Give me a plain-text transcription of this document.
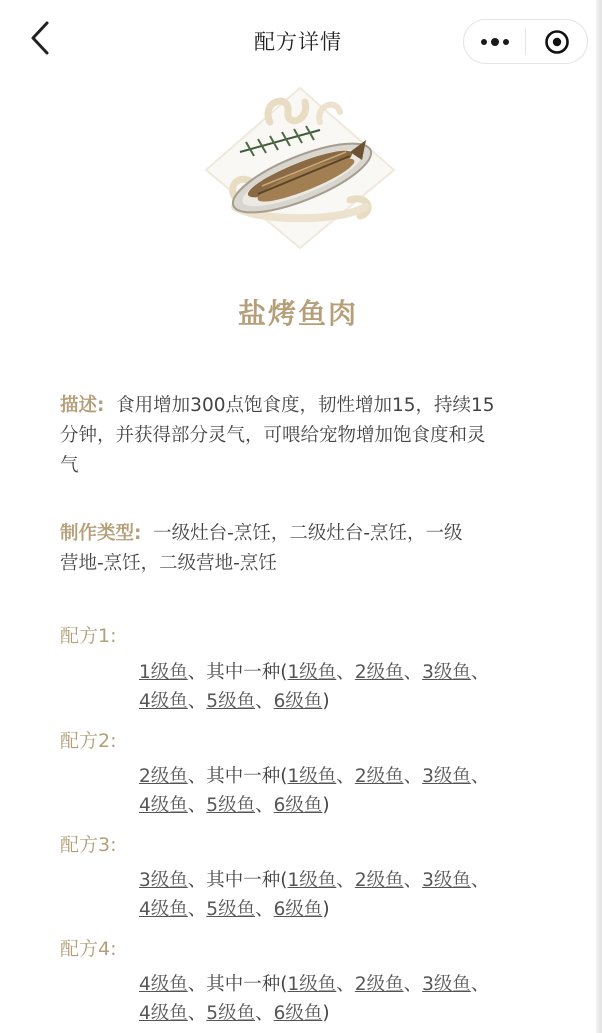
配方详情
盐烤鱼肉
描述: 食用增加300点饱食度，韧性增加15，持续15
分钟，并获得部分灵气，可喂给宠物增加饱食度和灵
气
制作类型: 一级灶台-烹饪，二级灶台-烹饪，一级
营地-烹饪，二级营地-烹饪
配方1:
1级鱼、其中一种(1级鱼、2级鱼、3级鱼、
4级鱼、5级鱼、6级鱼)
配方2:
2级鱼、其中一种(1级鱼、2级鱼、3级鱼、
4级鱼、5级鱼、6级鱼)
配方3:
3级鱼、其中一种(1级鱼、2级鱼、3级鱼、
4级鱼、5级鱼、6级鱼)
配方4:
4级鱼、其中一种(1级鱼、2级鱼、3级鱼、
4级鱼、5级鱼、6级鱼)
